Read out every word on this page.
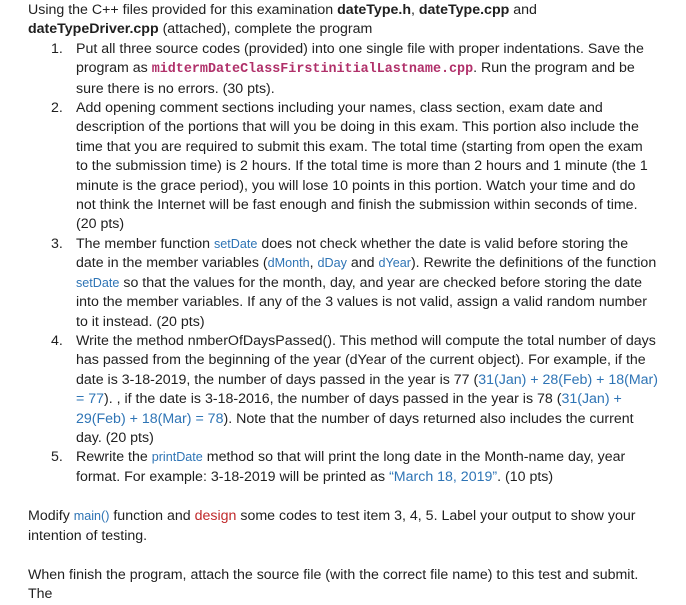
Using the C++ files provided for this examination dateType.h, dateType.cpp and dateTypeDriver.cpp (attached), complete the program

1. Put all three source codes (provided) into one single file with proper indentations. Save the program as midtermDateClassFirstinitialLastname.cpp. Run the program and be sure there is no errors. (30 pts).
2. Add opening comment sections including your names, class section, exam date and description of the portions that will you be doing in this exam. This portion also include the time that you are required to submit this exam. The total time (starting from open the exam to the submission time) is 2 hours. If the total time is more than 2 hours and 1 minute (the 1 minute is the grace period), you will lose 10 points in this portion. Watch your time and do not think the Internet will be fast enough and finish the submission within seconds of time. (20 pts)
3. The member function setDate does not check whether the date is valid before storing the date in the member variables (dMonth, dDay and dYear). Rewrite the definitions of the function setDate so that the values for the month, day, and year are checked before storing the date into the member variables. If any of the 3 values is not valid, assign a valid random number to it instead. (20 pts)
4. Write the method nmberOfDaysPassed(). This method will compute the total number of days has passed from the beginning of the year (dYear of the current object). For example, if the date is 3-18-2019, the number of days passed in the year is 77 (31(Jan) + 28(Feb) + 18(Mar) = 77). , if the date is 3-18-2016, the number of days passed in the year is 78 (31(Jan) + 29(Feb) + 18(Mar) = 78). Note that the number of days returned also includes the current day. (20 pts)
5. Rewrite the printDate method so that will print the long date in the Month-name day, year format. For example: 3-18-2019 will be printed as “March 18, 2019”. (10 pts)

Modify main() function and design some codes to test item 3, 4, 5. Label your output to show your intention of testing.

When finish the program, attach the source file (with the correct file name) to this test and submit. The
